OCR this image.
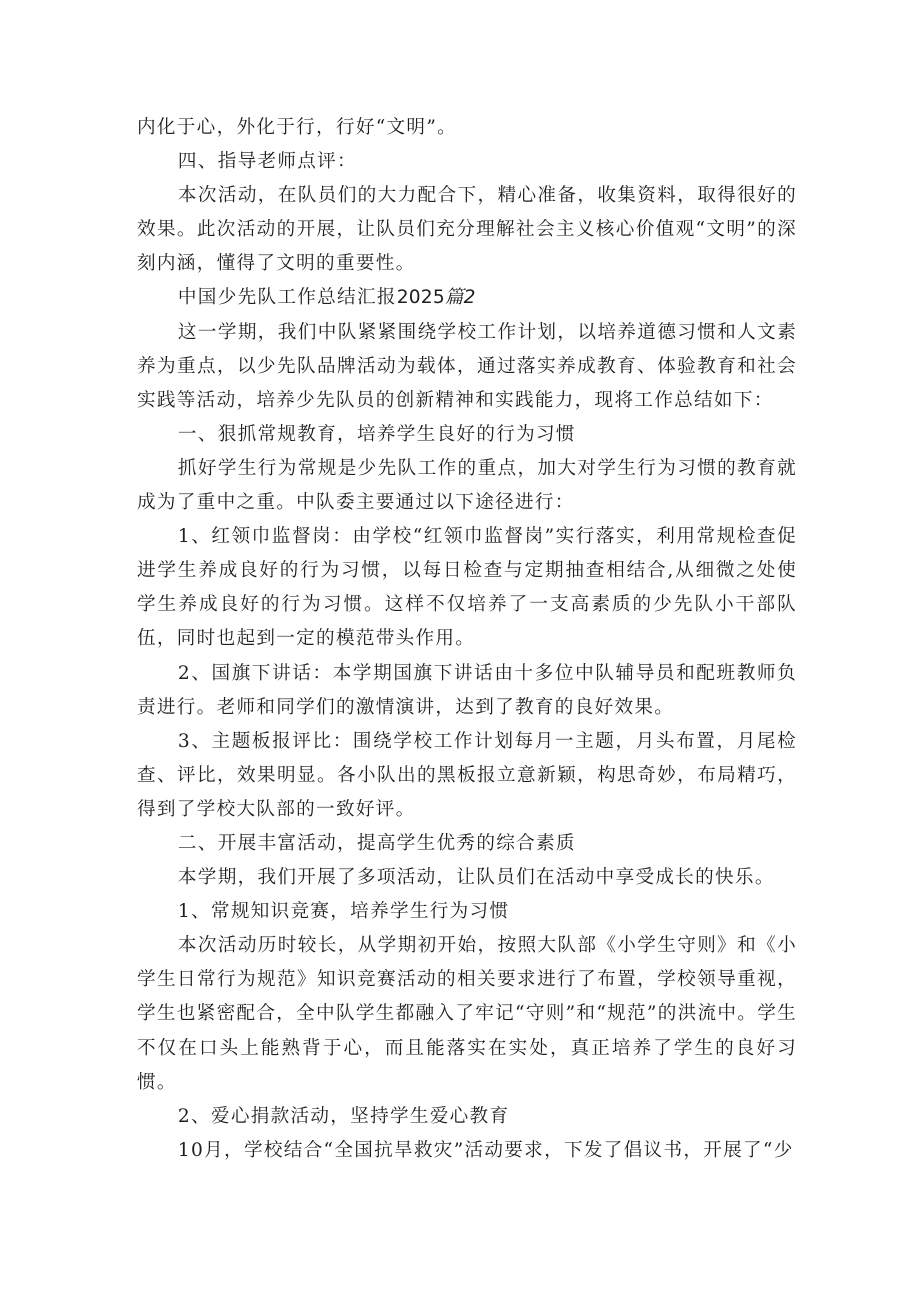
内化于心，外化于行，行好“文明”。

四、指导老师点评：

本次活动，在队员们的大力配合下，精心准备，收集资料，取得很好的效果。此次活动的开展，让队员们充分理解社会主义核心价值观“文明”的深刻内涵，懂得了文明的重要性。

中国少先队工作总结汇报2025篇2

这一学期，我们中队紧紧围绕学校工作计划，以培养道德习惯和人文素养为重点，以少先队品牌活动为载体，通过落实养成教育、体验教育和社会实践等活动，培养少先队员的创新精神和实践能力，现将工作总结如下：

一、狠抓常规教育，培养学生良好的行为习惯

抓好学生行为常规是少先队工作的重点，加大对学生行为习惯的教育就成为了重中之重。中队委主要通过以下途径进行：

1、红领巾监督岗：由学校“红领巾监督岗”实行落实，利用常规检查促进学生养成良好的行为习惯，以每日检查与定期抽查相结合,从细微之处使学生养成良好的行为习惯。这样不仅培养了一支高素质的少先队小干部队伍，同时也起到一定的模范带头作用。

2、国旗下讲话：本学期国旗下讲话由十多位中队辅导员和配班教师负责进行。老师和同学们的激情演讲，达到了教育的良好效果。

3、主题板报评比：围绕学校工作计划每月一主题，月头布置，月尾检查、评比，效果明显。各小队出的黑板报立意新颖，构思奇妙，布局精巧，得到了学校大队部的一致好评。

二、开展丰富活动，提高学生优秀的综合素质

本学期，我们开展了多项活动，让队员们在活动中享受成长的快乐。

1、常规知识竞赛，培养学生行为习惯

本次活动历时较长，从学期初开始，按照大队部《小学生守则》和《小学生日常行为规范》知识竞赛活动的相关要求进行了布置，学校领导重视，学生也紧密配合，全中队学生都融入了牢记“守则”和“规范”的洪流中。学生不仅在口头上能熟背于心，而且能落实在实处，真正培养了学生的良好习惯。

2、爱心捐款活动，坚持学生爱心教育

10月，学校结合“全国抗旱救灾”活动要求，下发了倡议书，开展了“少
